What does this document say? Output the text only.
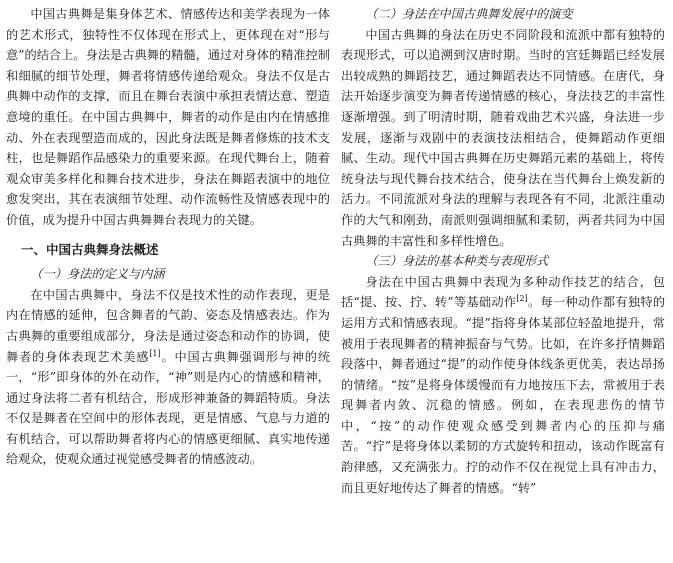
中国古典舞是集身体艺术、情感传达和美学表现为一体的艺术形式，独特性不仅体现在形式上，更体现在对“形与意”的结合上。身法是古典舞的精髓，通过对身体的精准控制和细腻的细节处理，舞者将情感传递给观众。身法不仅是古典舞中动作的支撑，而且在舞台表演中承担表情达意、塑造意境的重任。在中国古典舞中，舞者的动作是由内在情感推动、外在表现塑造而成的，因此身法既是舞者修炼的技术支柱，也是舞蹈作品感染力的重要来源。在现代舞台上，随着观众审美多样化和舞台技术进步，身法在舞蹈表演中的地位愈发突出，其在表演细节处理、动作流畅性及情感表现中的价值，成为提升中国古典舞舞台表现力的关键。

一、中国古典舞身法概述

（一）身法的定义与内涵

在中国古典舞中，身法不仅是技术性的动作表现，更是内在情感的延伸，包含舞者的气韵、姿态及情感表达。作为古典舞的重要组成部分，身法是通过姿态和动作的协调，使舞者的身体表现艺术美感[1]。中国古典舞强调形与神的统一，“形”即身体的外在动作，“神”则是内心的情感和精神，通过身法将二者有机结合，形成形神兼备的舞蹈特质。身法不仅是舞者在空间中的形体表现，更是情感、气息与力道的有机结合，可以帮助舞者将内心的情感更细腻、真实地传递给观众，使观众通过视觉感受舞者的情感波动。

（二）身法在中国古典舞发展中的演变

中国古典舞的身法在历史不同阶段和流派中都有独特的表现形式，可以追溯到汉唐时期。当时的宫廷舞蹈已经发展出较成熟的舞蹈技艺，通过舞蹈表达不同情感。在唐代，身法开始逐步演变为舞者传递情感的核心，身法技艺的丰富性逐渐增强。到了明清时期，随着戏曲艺术兴盛，身法进一步发展，逐渐与戏剧中的表演技法相结合，使舞蹈动作更细腻、生动。现代中国古典舞在历史舞蹈元素的基础上，将传统身法与现代舞台技术结合，使身法在当代舞台上焕发新的活力。不同流派对身法的理解与表现各有不同，北派注重动作的大气和刚劲，南派则强调细腻和柔韧，两者共同为中国古典舞的丰富性和多样性增色。

（三）身法的基本种类与表现形式

身法在中国古典舞中表现为多种动作技艺的结合，包括“提、按、拧、转”等基础动作[2]。每一种动作都有独特的运用方式和情感表现。“提”指将身体某部位轻盈地提升，常被用于表现舞者的精神振奋与气势。比如，在许多抒情舞蹈段落中，舞者通过“提”的动作使身体线条更优美，表达昂扬的情绪。“按”是将身体缓慢而有力地按压下去，常被用于表现舞者内敛、沉稳的情感。例如，在表现悲伤的情节中，“按”的动作使观众感受到舞者内心的压抑与痛苦。“拧”是将身体以柔韧的方式旋转和扭动，该动作既富有韵律感，又充满张力。拧的动作不仅在视觉上具有冲击力，而且更好地传达了舞者的情感。“转”
